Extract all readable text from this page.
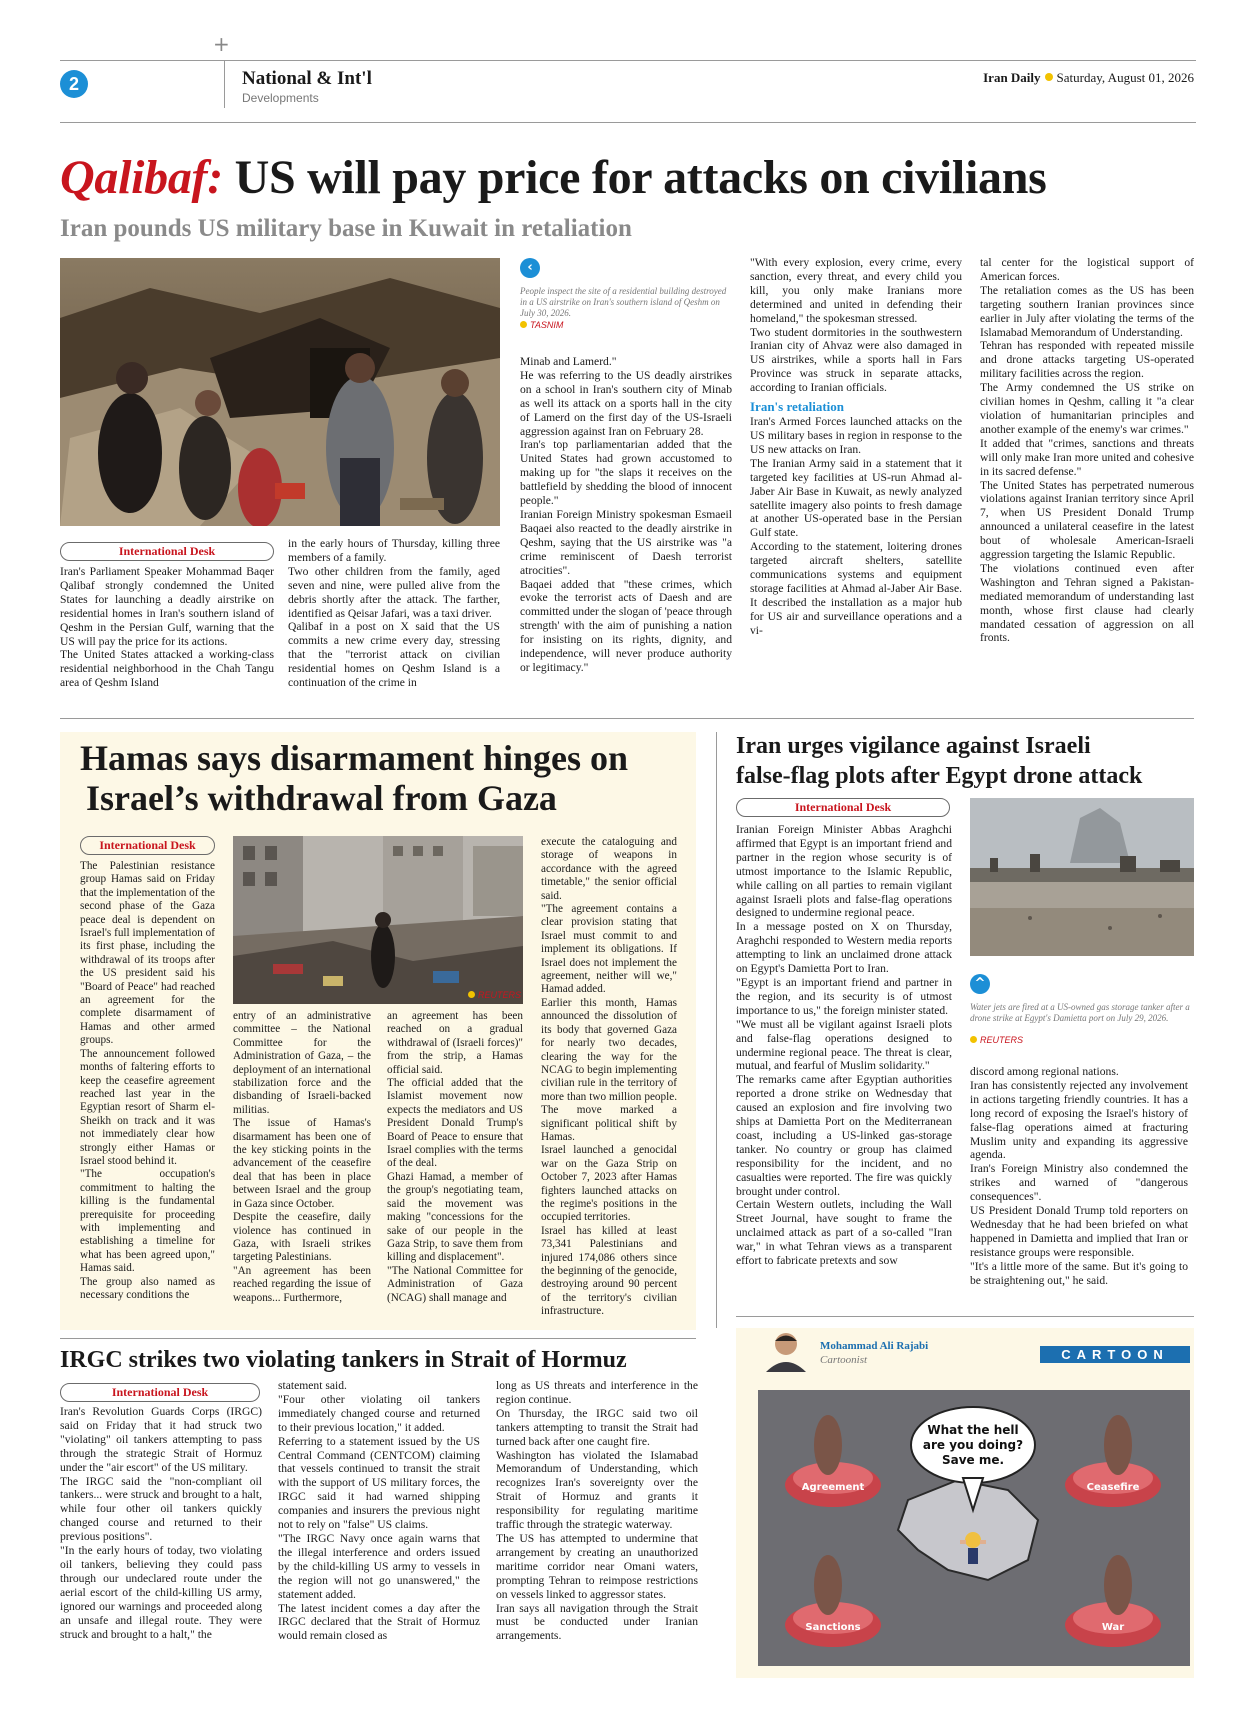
+
2	National & Int'l
Developments
Iran Daily Saturday, August 01, 2026
Qalibaf: US will pay price for attacks on civilians
Iran pounds US military base in Kuwait in retaliation
International Desk

Iran's Parliament Speaker Mohammad Baqer Qalibaf strongly condemned the United States for launching a deadly airstrike on residential homes in Iran's southern island of Qeshm in the Persian Gulf, warning that the US will pay the price for its actions.

The United States attacked a working-class residential neighborhood in the Chah Tangu area of Qeshm Island

in the early hours of Thursday, killing three members of a family.

Two other children from the family, aged seven and nine, were pulled alive from the debris shortly after the attack. The farther, identified as Qeisar Jafari, was a taxi driver.

Qalibaf in a post on X said that the US commits a new crime every day, stressing that the "terrorist attack on civilian residential homes on Qeshm Island is a continuation of the crime in

‹
People inspect the site of a residential building destroyed in a US airstrike on Iran's southern island of Qeshm on July 30, 2026.
TASNIM

Minab and Lamerd."

He was referring to the US deadly airstrikes on a school in Iran's southern city of Minab as well its attack on a sports hall in the city of Lamerd on the first day of the US-Israeli aggression against Iran on February 28.

Iran's top parliamentarian added that the United States had grown accustomed to making up for "the slaps it receives on the battlefield by shedding the blood of innocent people."

Iranian Foreign Ministry spokesman Esmaeil Baqaei also reacted to the deadly airstrike in Qeshm, saying that the US airstrike was "a crime reminiscent of Daesh terrorist atrocities".

Baqaei added that "these crimes, which evoke the terrorist acts of Daesh and are committed under the slogan of 'peace through strength' with the aim of punishing a nation for insisting on its rights, dignity, and independence, will never produce authority or legitimacy."

"With every explosion, every crime, every sanction, every threat, and every child you kill, you only make Iranians more determined and united in defending their homeland," the spokesman stressed.

Two student dormitories in the southwestern Iranian city of Ahvaz were also damaged in US airstrikes, while a sports hall in Fars Province was struck in separate attacks, according to Iranian officials.

Iran's retaliation

Iran's Armed Forces launched attacks on the US military bases in region in response to the US new attacks on Iran.

The Iranian Army said in a statement that it targeted key facilities at US-run Ahmad al-Jaber Air Base in Kuwait, as newly analyzed satellite imagery also points to fresh damage at another US-operated base in the Persian Gulf state.

According to the statement, loitering drones targeted aircraft shelters, satellite communications systems and equipment storage facilities at Ahmad al-Jaber Air Base. It described the installation as a major hub for US air and surveillance operations and a vi-

tal center for the logistical support of American forces.

The retaliation comes as the US has been targeting southern Iranian provinces since earlier in July after violating the terms of the Islamabad Memorandum of Understanding.

Tehran has responded with repeated missile and drone attacks targeting US-operated military facilities across the region.

The Army condemned the US strike on civilian homes in Qeshm, calling it "a clear violation of humanitarian principles and another example of the enemy's war crimes."

It added that "crimes, sanctions and threats will only make Iran more united and cohesive in its sacred defense."

The United States has perpetrated numerous violations against Iranian territory since April 7, when US President Donald Trump announced a unilateral ceasefire in the latest bout of wholesale American-Israeli aggression targeting the Islamic Republic.

The violations continued even after Washington and Tehran signed a Pakistan-mediated memorandum of understanding last month, whose first clause had clearly mandated cessation of aggression on all fronts.

Hamas says disarmament hinges on
Israel’s withdrawal from Gaza
International Desk
REUTERS

The Palestinian resistance group Hamas said on Friday that the implementation of the second phase of the Gaza peace deal is dependent on Israel's full implementation of its first phase, including the withdrawal of its troops after the US president said his "Board of Peace" had reached an agreement for the complete disarmament of Hamas and other armed groups.

The announcement followed months of faltering efforts to keep the ceasefire agreement reached last year in the Egyptian resort of Sharm el-Sheikh on track and it was not immediately clear how strongly either Hamas or Israel stood behind it.

"The occupation's commitment to halting the killing is the fundamental prerequisite for proceeding with implementing and establishing a timeline for what has been agreed upon," Hamas said.

The group also named as necessary conditions the

entry of an administrative committee – the National Committee for the Administration of Gaza, – the deployment of an international stabilization force and the disbanding of Israeli-backed militias.

The issue of Hamas's disarmament has been one of the key sticking points in the advancement of the ceasefire deal that has been in place between Israel and the group in Gaza since October.

Despite the ceasefire, daily violence has continued in Gaza, with Israeli strikes targeting Palestinians.

"An agreement has been reached regarding the issue of weapons... Furthermore,

an agreement has been reached on a gradual withdrawal of (Israeli forces)" from the strip, a Hamas official said.

The official added that the Islamist movement now expects the mediators and US President Donald Trump's Board of Peace to ensure that Israel complies with the terms of the deal.

Ghazi Hamad, a member of the group's negotiating team, said the movement was making "concessions for the sake of our people in the Gaza Strip, to save them from killing and displacement".

"The National Committee for Administration of Gaza (NCAG) shall manage and

execute the cataloguing and storage of weapons in accordance with the agreed timetable," the senior official said.

"The agreement contains a clear provision stating that Israel must commit to and implement its obligations. If Israel does not implement the agreement, neither will we," Hamad added.

Earlier this month, Hamas announced the dissolution of its body that governed Gaza for nearly two decades, clearing the way for the NCAG to begin implementing civilian rule in the territory of more than two million people. The move marked a significant political shift by Hamas.

Israel launched a genocidal war on the Gaza Strip on October 7, 2023 after Hamas fighters launched attacks on the regime's positions in the occupied territories.

Israel has killed at least 73,341 Palestinians and injured 174,086 others since the beginning of the genocide, destroying around 90 percent of the territory's civilian infrastructure.

Iran urges vigilance against Israeli
false-flag plots after Egypt drone attack
International Desk

Iranian Foreign Minister Abbas Araghchi affirmed that Egypt is an important friend and partner in the region whose security is of utmost importance to the Islamic Republic, while calling on all parties to remain vigilant against Israeli plots and false-flag operations designed to undermine regional peace.

In a message posted on X on Thursday, Araghchi responded to Western media reports attempting to link an unclaimed drone attack on Egypt's Damietta Port to Iran.

"Egypt is an important friend and partner in the region, and its security is of utmost importance to us," the foreign minister stated.

"We must all be vigilant against Israeli plots and false-flag operations designed to undermine regional peace. The threat is clear, mutual, and fearful of Muslim solidarity."

The remarks came after Egyptian authorities reported a drone strike on Wednesday that caused an explosion and fire involving two ships at Damietta Port on the Mediterranean coast, including a US-linked gas-storage tanker. No country or group has claimed responsibility for the incident, and no casualties were reported. The fire was quickly brought under control.

Certain Western outlets, including the Wall Street Journal, have sought to frame the unclaimed attack as part of a so-called "Iran war," in what Tehran views as a transparent effort to fabricate pretexts and sow

^
Water jets are fired at a US-owned gas storage tanker after a drone strike at Egypt's Damietta port on July 29, 2026.
REUTERS

discord among regional nations.

Iran has consistently rejected any involvement in actions targeting friendly countries. It has a long record of exposing the Israel's history of false-flag operations aimed at fracturing Muslim unity and expanding its aggressive agenda.

Iran's Foreign Ministry also condemned the strikes and warned of "dangerous consequences".

US President Donald Trump told reporters on Wednesday that he had been briefed on what happened in Damietta and implied that Iran or resistance groups were responsible.

"It's a little more of the same. But it's going to be straightening out," he said.

IRGC strikes two violating tankers in Strait of Hormuz
International Desk

Iran's Revolution Guards Corps (IRGC) said on Friday that it had struck two "violating" oil tankers attempting to pass through the strategic Strait of Hormuz under the "air escort" of the US military.

The IRGC said the "non-compliant oil tankers... were struck and brought to a halt, while four other oil tankers quickly changed course and returned to their previous positions".

"In the early hours of today, two violating oil tankers, believing they could pass through our undeclared route under the aerial escort of the child-killing US army, ignored our warnings and proceeded along an unsafe and illegal route. They were struck and brought to a halt," the

statement said.

"Four other violating oil tankers immediately changed course and returned to their previous location," it added.

Referring to a statement issued by the US Central Command (CENTCOM) claiming that vessels continued to transit the strait with the support of US military forces, the IRGC said it had warned shipping companies and insurers the previous night not to rely on "false" US claims.

"The IRGC Navy once again warns that the illegal interference and orders issued by the child-killing US army to vessels in the region will not go unanswered," the statement added.

The latest incident comes a day after the IRGC declared that the Strait of Hormuz would remain closed as

long as US threats and interference in the region continue.

On Thursday, the IRGC said two oil tankers attempting to transit the Strait had turned back after one caught fire.

Washington has violated the Islamabad Memorandum of Understanding, which recognizes Iran's sovereignty over the Strait of Hormuz and grants it responsibility for regulating maritime traffic through the strategic waterway.

The US has attempted to undermine that arrangement by creating an unauthorized maritime corridor near Omani waters, prompting Tehran to reimpose restrictions on vessels linked to aggressor states.

Iran says all navigation through the Strait must be conducted under Iranian arrangements.

Mohammad Ali Rajabi
Cartoonist	CARTOON
What the hell
are you doing?
Save me.
Agreement	Ceasefire
Sanctions	War
